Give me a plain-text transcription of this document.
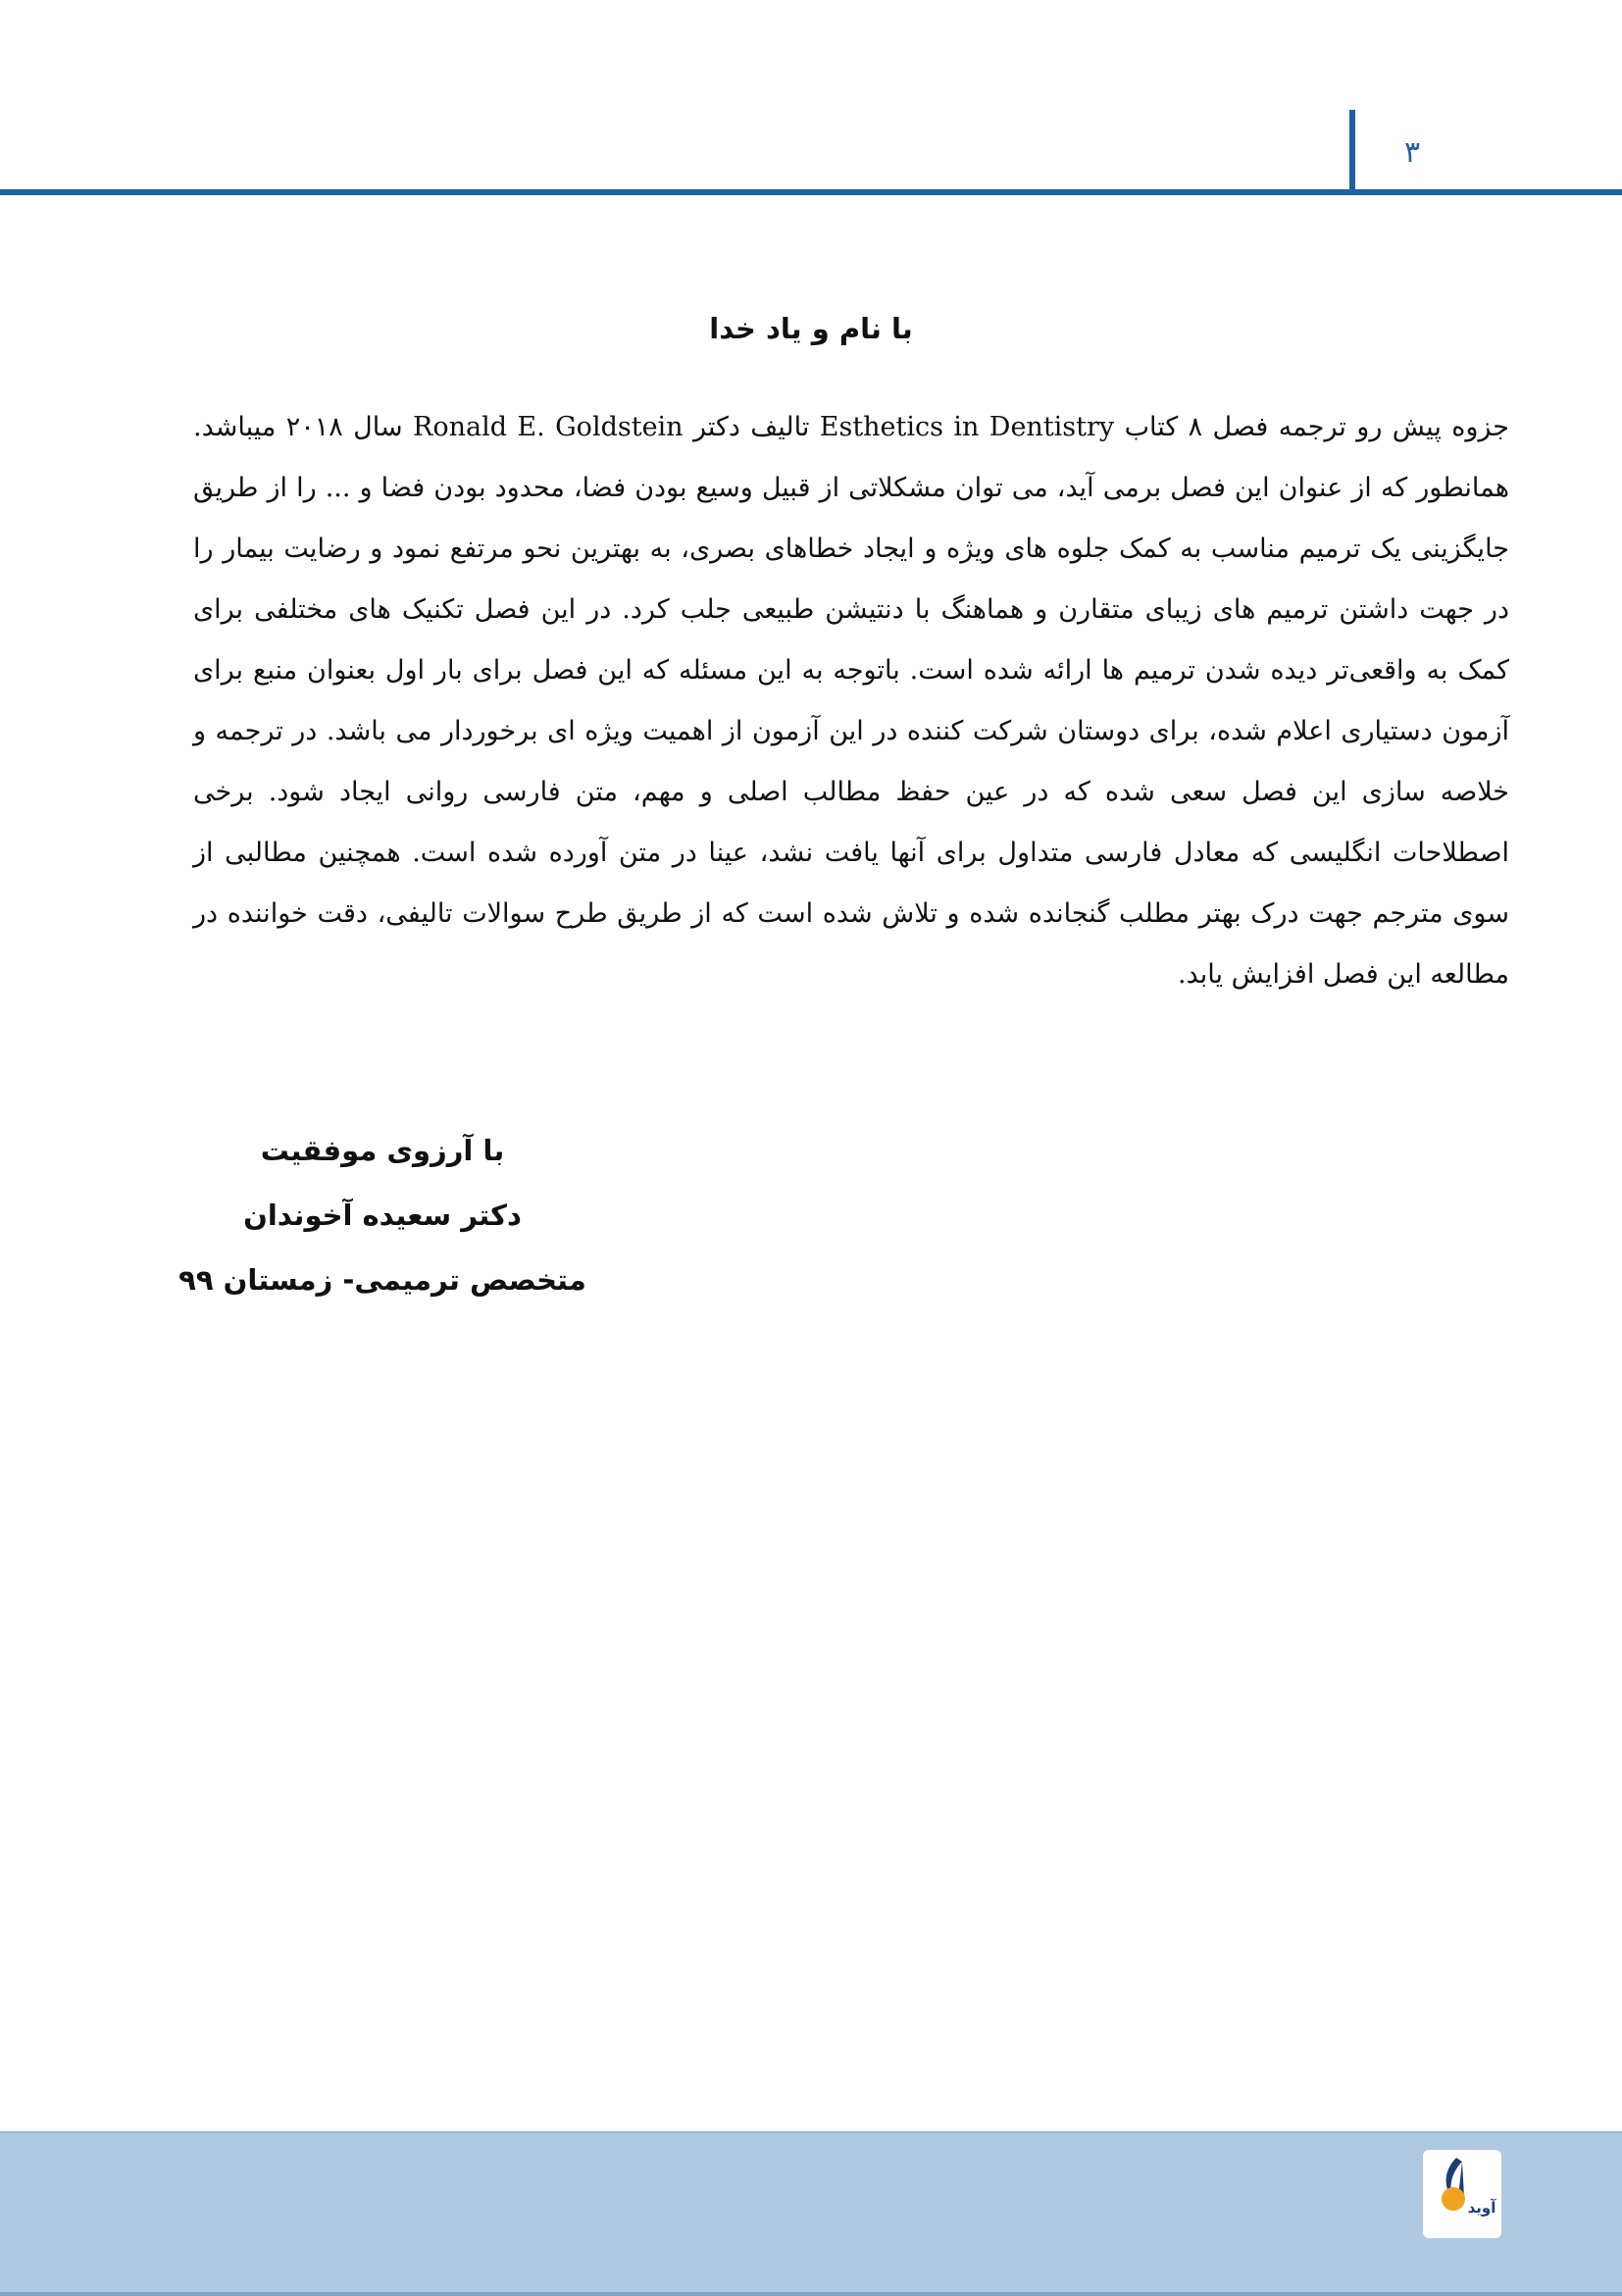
۳
با نام و یاد خدا

جزوه پیش رو ترجمه فصل ۸ کتاب Esthetics in Dentistry تالیف دکتر Ronald E. Goldstein سال ۲۰۱۸ میباشد. همانطور که از عنوان این فصل برمی آید، می توان مشکلاتی از قبیل وسیع بودن فضا، محدود بودن فضا و ... را از طریق جایگزینی یک ترمیم مناسب به کمک جلوه های ویژه و ایجاد خطاهای بصری، به بهترین نحو مرتفع نمود و رضایت بیمار را در جهت داشتن ترمیم های زیبای متقارن و هماهنگ با دنتیشن طبیعی جلب کرد. در این فصل تکنیک های مختلفی برای کمک به واقعی‌تر دیده شدن ترمیم ها ارائه شده است. باتوجه به این مسئله که این فصل برای بار اول بعنوان منبع برای آزمون دستیاری اعلام شده، برای دوستان شرکت کننده در این آزمون از اهمیت ویژه ای برخوردار می باشد. در ترجمه و خلاصه سازی این فصل سعی شده که در عین حفظ مطالب اصلی و مهم، متن فارسی روانی ایجاد شود. برخی اصطلاحات انگلیسی که معادل فارسی متداول برای آنها یافت نشد، عینا در متن آورده شده است. همچنین مطالبی از سوی مترجم جهت درک بهتر مطلب گنجانده شده و تلاش شده است که از طریق طرح سوالات تالیفی، دقت خواننده در مطالعه این فصل افزایش یابد.

با آرزوی موفقیت
دکتر سعیده آخوندان
متخصص ترمیمی- زمستان ۹۹
آوید
